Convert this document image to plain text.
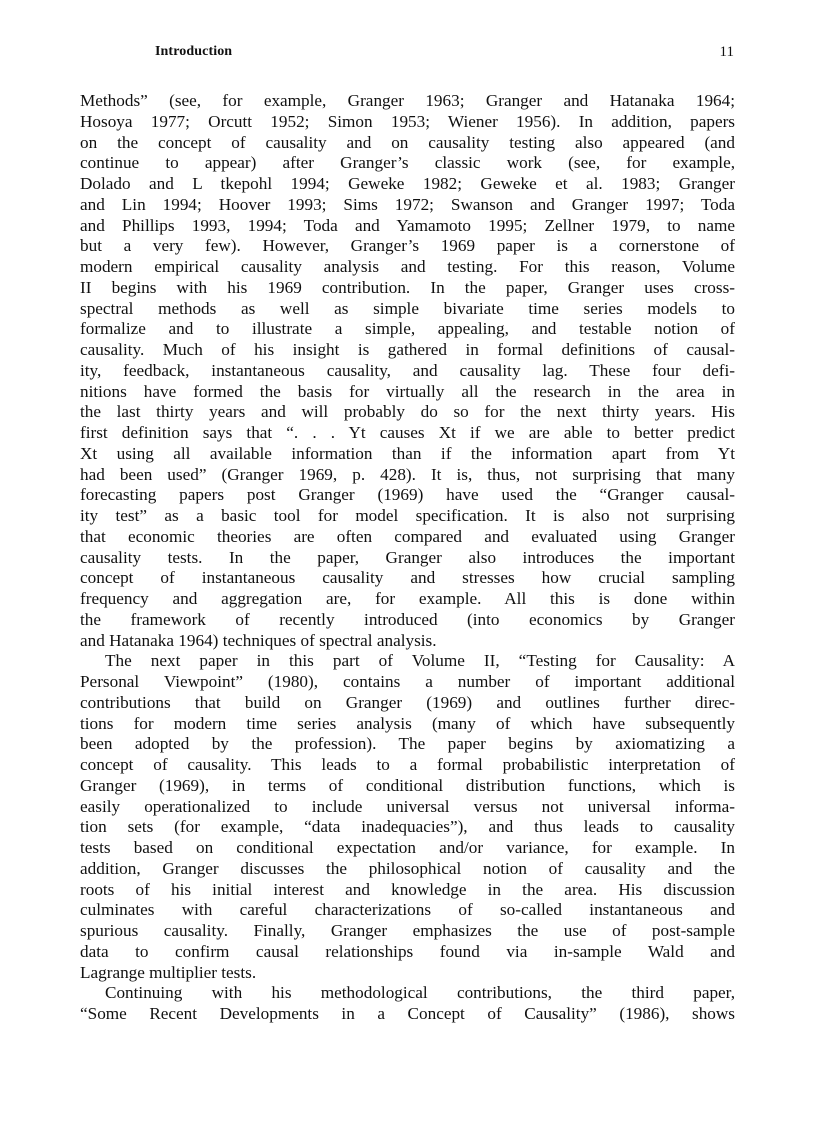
Introduction	11
Methods” (see, for example, Granger 1963; Granger and Hatanaka 1964;
Hosoya 1977; Orcutt 1952; Simon 1953; Wiener 1956). In addition, papers
on the concept of causality and on causality testing also appeared (and
continue to appear) after Granger’s classic work (see, for example,
Dolado and L tkepohl 1994; Geweke 1982; Geweke et al. 1983; Granger
and Lin 1994; Hoover 1993; Sims 1972; Swanson and Granger 1997; Toda
and Phillips 1993, 1994; Toda and Yamamoto 1995; Zellner 1979, to name
but a very few). However, Granger’s 1969 paper is a cornerstone of
modern empirical causality analysis and testing. For this reason, Volume
II begins with his 1969 contribution. In the paper, Granger uses cross-
spectral methods as well as simple bivariate time series models to
formalize and to illustrate a simple, appealing, and testable notion of
causality. Much of his insight is gathered in formal definitions of causal-
ity, feedback, instantaneous causality, and causality lag. These four defi-
nitions have formed the basis for virtually all the research in the area in
the last thirty years and will probably do so for the next thirty years. His
first definition says that “. . . Yt causes Xt if we are able to better predict
Xt using all available information than if the information apart from Yt
had been used” (Granger 1969, p. 428). It is, thus, not surprising that many
forecasting papers post Granger (1969) have used the “Granger causal-
ity test” as a basic tool for model specification. It is also not surprising
that economic theories are often compared and evaluated using Granger
causality tests. In the paper, Granger also introduces the important
concept of instantaneous causality and stresses how crucial sampling
frequency and aggregation are, for example. All this is done within
the framework of recently introduced (into economics by Granger
and Hatanaka 1964) techniques of spectral analysis.
The next paper in this part of Volume II, “Testing for Causality: A
Personal Viewpoint” (1980), contains a number of important additional
contributions that build on Granger (1969) and outlines further direc-
tions for modern time series analysis (many of which have subsequently
been adopted by the profession). The paper begins by axiomatizing a
concept of causality. This leads to a formal probabilistic interpretation of
Granger (1969), in terms of conditional distribution functions, which is
easily operationalized to include universal versus not universal informa-
tion sets (for example, “data inadequacies”), and thus leads to causality
tests based on conditional expectation and/or variance, for example. In
addition, Granger discusses the philosophical notion of causality and the
roots of his initial interest and knowledge in the area. His discussion
culminates with careful characterizations of so-called instantaneous and
spurious causality. Finally, Granger emphasizes the use of post-sample
data to confirm causal relationships found via in-sample Wald and
Lagrange multiplier tests.
Continuing with his methodological contributions, the third paper,
“Some Recent Developments in a Concept of Causality” (1986), shows
